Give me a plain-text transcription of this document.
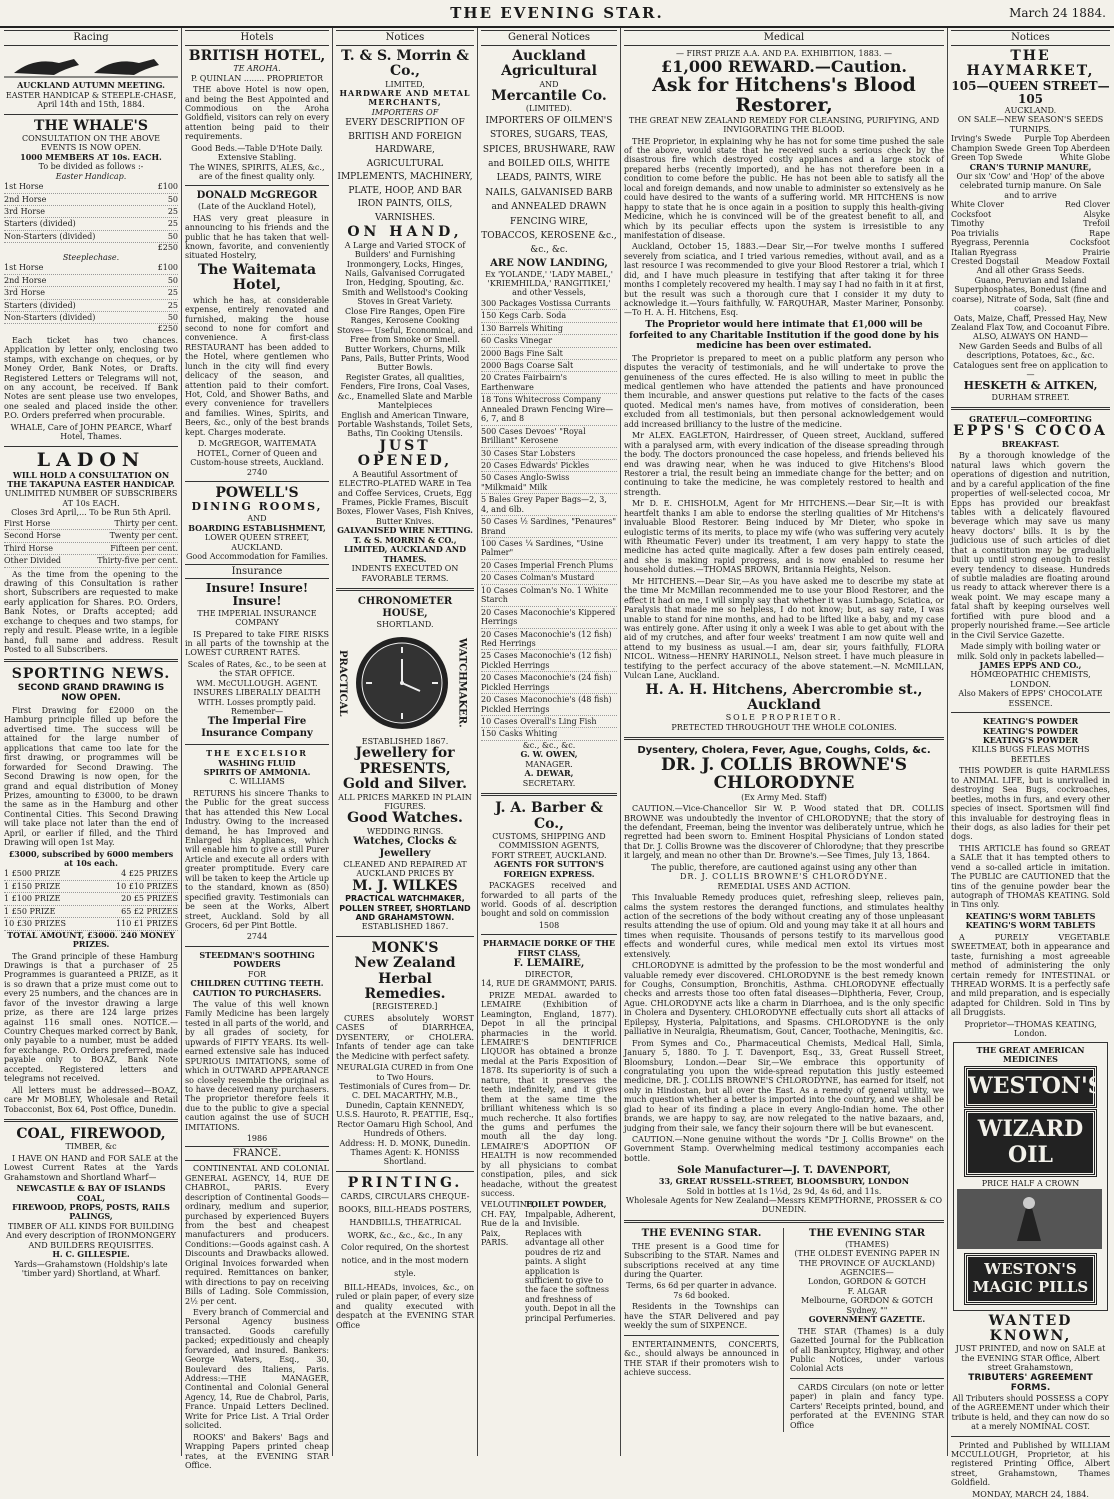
THE EVENING STAR.	March 24 1884.
Racing
AUCKLAND AUTUMN MEETING.
EASTER HANDICAP & STEEPLE-CHASE,
April 14th and 15th, 1884.
THE WHALE'S
CONSULTATION ON THE ABOVE EVENTS IS NOW OPEN.
1000 MEMBERS AT 10s. EACH.
To be divided as follows :-
Easter Handicap.
1st Horse	£100
2nd Horse	50
3rd Horse	25
Starters (divided)	25
Non-Starters (divided)	50
£250
Steeplechase.
1st Horse	£100
2nd Horse	50
3rd Horse	25
Starters (divided)	25
Non-Starters (divided)	50
£250
Each ticket has two chances. Application by letter only, enclosing two stamps, with exchange on cheques, or by Money Order, Bank Notes, or Drafts. Registered Letters or Telegrams will not, on any account, be received. If Bank Notes are sent please use two envelopes, one sealed and placed inside the other. P.O. Orders preferred when procurable.
WHALE, Care of JOHN PEARCE, Wharf Hotel, Thames.
LADON
WILL HOLD A CONSULTATION ON THE TAKAPUNA EASTER HANDICAP.
UNLIMITED NUMBER OF SUBSCRIBERS AT 10s EACH.
Closes 3rd April,... To be Run 5th April.
First Horse	Thirty per cent.
Second Horse	Twenty per cent.
Third Horse	Fifteen per cent.
Other Divided	Thirty-five per cent.
As the time from the opening to the drawing of this Consultation is rather short, Subscribers are requested to make early application for Shares. P.O. Orders, Bank Notes, or Drafts accepted; add exchange to cheques and two stamps, for reply and result. Please write, in a legible hand, full name and address. Result Posted to all Subscribers.
SPORTING NEWS.
SECOND GRAND DRAWING IS NOW OPEN.
First Drawing for £2000 on the Hamburg principle filled up before the advertised time. The success will be attained for the large number of applications that came too late for the first drawing, or programmes will be forwarded for Second Drawing. The Second Drawing is now open, for the grand and equal distribution of Money Prizes, amounting to £3000, to be drawn the same as in the Hamburg and other Continental Cities. This Second Drawing will take place not later than the end of April, or earlier if filled, and the Third Drawing will open 1st May.
£3000, subscribed by 6000 members at 10s each.
1 £500 PRIZE	4 £25 PRIZES
1 £150 PRIZE	10 £10 PRIZES
1 £100 PRIZE	20 £5 PRIZES
1 £50 PRIZE	65 £2 PRIZES
10 £30 PRIZES	110 £1 PRIZES
TOTAL AMOUNT, £3000. 240 MONEY PRIZES.
The Grand principle of these Hamburg Drawings is that a purchaser of 25 Programmes is guaranteed a PRIZE, as it is so drawn that a prize must come out to every 25 numbers, and the chances are in favor of the investor drawing a large prize, as there are 124 large prizes against 116 small ones. NOTICE.—Country Cheques marked correct by Bank, only payable to a number, must be added for exchange. P.O. Orders preferred, made payable only to BOAZ, Bank Note accepted. Registered letters and telegrams not received.
All letters must be addressed—BOAZ, care Mr MOBLEY, Wholesale and Retail Tobacconist, Box 64, Post Office, Dunedin.
COAL, FIREWOOD,
TIMBER, &c
I HAVE ON HAND and FOR SALE at the Lowest Current Rates at the Yards Grahamstown and Shortland Wharf—
NEWCASTLE & BAY OF ISLANDS COAL,
FIREWOOD, PROPS, POSTS, RAILS PALINGS,
TIMBER OF ALL KINDS FOR BUILDING And every description of IRONMONGERY AND BUILDERS REQUISITES.
H. C. GILLESPIE.
Yards—Grahamstown (Holdship's late 'timber yard) Shortland, at Wharf.
Hotels
BRITISH HOTEL,
TE AROHA.
P. QUINLAN ........ PROPRIETOR
THE above Hotel is now open, and being the Best Appointed and Commodious on the Aroha Goldfield, visitors can rely on every attention being paid to their requirements.
Good Beds.—Table D'Hote Daily.
Extensive Stabling.
The WINES, SPIRITS, ALES, &c., are of the finest quality only.
DONALD McGREGOR
(Late of the Auckland Hotel),
HAS very great pleasure in announcing to his friends and the public that he has taken that well-known, favorite, and conveniently situated Hostelry,
The Waitemata Hotel,
which he has, at considerable expense, entirely renovated and furnished, making the house second to none for comfort and convenience. A first-class RESTAURANT has been added to the Hotel, where gentlemen who lunch in the city will find every delicacy of the season, and attention paid to their comfort. Hot, Cold, and Shower Baths, and every convenience for travellers and families. Wines, Spirits, and Beers, &c., only of the best brands kept. Charges moderate.
D. McGREGOR, WAITEMATA HOTEL, Corner of Queen and Custom-house streets, Auckland.
2740
POWELL'S
DINING ROOMS,
AND
BOARDING ESTABLISHMENT,
LOWER QUEEN STREET, AUCKLAND.
Good Accommodation for Families.
Insurance
Insure! Insure! Insure!
THE IMPERIAL INSURANCE COMPANY
IS Prepared to take FIRE RISKS in all parts of the township at the LOWEST CURRENT RATES.
Scales of Rates, &c., to be seen at the STAR OFFICE.
WM. McCULLOUGH. AGENT.
INSURES LIBERALLY DEALTH WITH. Losses promptly paid.
Remember—
The Imperial Fire Insurance Company
THE EXCELSIOR
WASHING FLUID
SPIRITS OF AMMONIA.
C. WILLIAMS
RETURNS his sincere Thanks to the Public for the great success that has attended this New Local Industry. Owing to the increased demand, he has Improved and Enlarged his Appliances, which will enable him to give a still Purer Article and execute all orders with greater promptitude. Every care will be taken to keep the Article up to the standard, known as (850) specified gravity. Testimonials can be seen at the Works, Albert street, Auckland. Sold by all Grocers, 6d per Pint Bottle.
2744
STEEDMAN'S SOOTHING POWDERS
FOR
CHILDREN CUTTING TEETH.
CAUTION TO PURCHASERS.
The value of this well known Family Medicine has been largely tested in all parts of the world, and by all grades of society, for upwards of FIFTY YEARS. Its well-earned extensive sale has induced SPURIOUS IMITATIONS, some of which in OUTWARD APPEARANCE so closely resemble the original as to have deceived many purchasers. The proprietor therefore feels it due to the public to give a special caution against the use of SUCH IMITATIONS.
1986
FRANCE.
CONTINENTAL AND COLONIAL GENERAL AGENCY, 14, RUE DE CHABROL, PARIS. Every description of Continental Goods—ordinary, medium and superior, purchased by experienced Buyers from the best and cheapest manufacturers and producers. Conditions:—Goods against cash. A Discounts and Drawbacks allowed. Original Invoices forwarded when required. Remittances on banker, with directions to pay on receiving Bills of Lading. Sole Commission, 2½ per cent.
Every branch of Commercial and Personal Agency business transacted. Goods carefully packed; expeditiously and cheaply forwarded, and insured. Bankers: George Waters, Esq., 30, Boulevard des Italiens, Paris. Address:—THE MANAGER, Continental and Colonial General Agency, 14, Rue de Chabrol, Paris, France. Unpaid Letters Declined. Write for Price List. A Trial Order solicited.
ROOKS' and Bakers' Bags and Wrapping Papers printed cheap rates, at the EVENING STAR Office.
Notices
T. & S. Morrin & Co.,
LIMITED,
HARDWARE AND METAL MERCHANTS,
IMPORTERS OF
EVERY DESCRIPTION OF BRITISH AND FOREIGN HARDWARE, AGRICULTURAL IMPLEMENTS, MACHINERY, PLATE, HOOP, AND BAR IRON PAINTS, OILS, VARNISHES.
ON HAND,
A Large and Varied STOCK of Builders' and Furnishing Ironmongery, Locks, Hinges, Nails, Galvanised Corrugated Iron, Hedging, Spouting, &c.
Smith and Wellstood's Cooking Stoves in Great Variety.
Close Fire Ranges, Open Fire Ranges, Kerosene Cooking Stoves— Useful, Economical, and Free from Smoke or Smell.
Butter Workers, Churns, Milk Pans, Pails, Butter Prints, Wood Butter Bowls.
Register Grates, all qualities, Fenders, Fire Irons, Coal Vases, &c., Enamelled Slate and Marble Mantelpieces
English and American Tinware, Portable Washstands, Toilet Sets, Baths, Tin Cooking Utensils.
JUST OPENED,
A Beautiful Assortment of ELECTRO-PLATED WARE in Tea and Coffee Services, Cruets, Egg Frames, Pickle Frames, Biscuit Boxes, Flower Vases, Fish Knives, Butter Knives.
GALVANISED WIRE NETTING.
T. & S. MORRIN & CO., LIMITED, AUCKLAND AND THAMES.
INDENTS EXECUTED ON FAVORABLE TERMS.
CHRONOMETER HOUSE,
SHORTLAND.
PRACTICAL	WATCHMAKER.
ESTABLISHED 1867.
Jewellery for PRESENTS,
Gold and Silver.
ALL PRICES MARKED IN PLAIN FIGURES.
Good Watches.
WEDDING RINGS.
Watches, Clocks & Jewellery
CLEANED AND REPAIRED AT AUCKLAND PRICES BY
M. J. WILKES
PRACTICAL WATCHMAKER, POLLEN STREET, SHORTLAND AND GRAHAMSTOWN.
ESTABLISHED 1867.
MONK'S
New Zealand Herbal Remedies.
[REGISTERED.]
CURES absolutely WORST CASES of DIARRHŒA, DYSENTERY, or CHOLERA. Infants of tender age can take the Medicine with perfect safety.
NEURALGIA CURED in from One to Two Hours.
Testimonials of Cures from— Dr. C. DEL MACARTHY, M.B., Dunedin, Captain KENNEDY, U.S.S. Hauroto, R. PEATTIE, Esq., Rector Oamaru High School, And Hundreds of Others.
Address: H. D. MONK, Dunedin.
Thames Agent: K. HONISS Shortland.
PRINTING.
CARDS, CIRCULARS CHEQUE-BOOKS, BILL-HEADS POSTERS, HANDBILLS, THEATRICAL WORK, &c., &c., &c., In any Color required, On the shortest notice, and in the most modern style.
BILL-HEADs, invoices, &c., on ruled or plain paper, of every size and quality executed with despatch at the EVENING STAR Office
General Notices
Auckland Agricultural
AND
Mercantile Co.
(LIMITED).
IMPORTERS OF OILMEN'S STORES, SUGARS, TEAS, SPICES, BRUSHWARE, RAW and BOILED OILS, WHITE LEADS, PAINTS, WIRE NAILS, GALVANISED BARB and ANNEALED DRAWN FENCING WIRE, TOBACCOS, KEROSENE &c., &c., &c.
ARE NOW LANDING,
Ex 'YOLANDE,' 'LADY MABEL,' 'KRIEMHILDA,' RANGITIKEI,' and other Vessels,
300 Packages Vostissa Currants
150 Kegs Carb. Soda
130 Barrels Whiting
60 Casks Vinegar
2000 Bags Fine Salt
2000 Bags Coarse Salt
20 Crates Fairbairn's Earthenware
18 Tons Whitecross Company Annealed Drawn Fencing Wire—6, 7, and 8
500 Cases Devoes' "Royal Brilliant" Kerosene
30 Cases Star Lobsters
20 Cases Edwards' Pickles
50 Cases Anglo-Swiss "Milkmaid" Milk
5 Bales Grey Paper Bags—2, 3, 4, and 6lb.
50 Cases ½ Sardines, "Penaures" Brand
100 Cases ¼ Sardines, "Usine Palmer"
20 Cases Imperial French Plums
20 Cases Colman's Mustard
10 Cases Colman's No. 1 White Starch
20 Cases Maconochie's Kippered Herrings
20 Cases Maconochie's (12 fish) Red Herrings
25 Cases Maconochie's (12 fish) Pickled Herrings
20 Cases Maconochie's (24 fish) Pickled Herrings
20 Cases Maconochie's (48 fish) Pickled Herrings
10 Cases Overall's Ling Fish
150 Casks Whiting
&c., &c., &c.
G. W. OWEN,
MANAGER.
A. DEWAR,
SECRETARY.
J. A. Barber & Co.,
CUSTOMS, SHIPPING AND COMMISSION AGENTS,
FORT STREET, AUCKLAND.
AGENTS FOR SUTTON'S FOREIGN EXPRESS.
PACKAGES received and forwarded to all parts of the world. Goods of al. description bought and sold on commission
1508
PHARMACIE DORKE OF THE FIRST CLASS,
F. LEMAIRE,
DIRECTOR,
14, RUE DE GRAMMONT, PARIS.
PRIZE MEDAL awarded to LEMAIRE (Exhibition of Leamington, England, 1877). Depot in all the principal pharmacies in the world. LEMAIRE'S DENTIFRICE LIQUOR has obtained a bronze medal at the Paris Exposition of 1878. Its superiority is of such a nature, that it preserves the teeth indefinitely, and it gives them at the same time the brilliant whiteness which is so much recherche. It also fortifies the gums and perfumes the mouth all the day long. LEMAIRE'S ADOPTION OF HEALTH is now recommended by all physicians to combat constipation, piles, and sick headache, without the greatest success.
VELOUTINE,
CH. FAY,
Rue de la Paix,
PARIS.
TOILET POWDER,
Impalpable, Adherent, and Invisible. Replaces with advantage all other poudres de riz and paints. A slight application is sufficient to give to the face the softness and freshness of youth. Depot in all the principal Perfumeries.
Medical
— FIRST PRIZE A.A. AND P.A. EXHIBITION, 1883. —
£1,000 REWARD.—Caution.
Ask for Hitchens's Blood Restorer,
THE GREAT NEW ZEALAND REMEDY FOR CLEANSING, PURIFYING, AND INVIGORATING THE BLOOD.
THE Proprietor, in explaining why he has not for some time pushed the sale of the above, would state that he received such a serious check by the disastrous fire which destroyed costly appliances and a large stock of prepared herbs (recently imported), and he has not therefore been in a condition to come before the public. He has not been able to satisfy all the local and foreign demands, and now unable to administer so extensively as he could have desired to the wants of a suffering world. MR HITCHENS is now happy to state that he is once again in a position to supply this health-giving Medicine, which he is convinced will be of the greatest benefit to all, and which by its peculiar effects upon the system is irresistible to any manifestation of disease.
Auckland, October 15, 1883.—Dear Sir,—For twelve months I suffered severely from sciatica, and I tried various remedies, without avail, and as a last resource I was recommended to give your Blood Restorer a trial, which I did, and I have much pleasure in testifying that after taking it for three months I completely recovered my health. I may say I had no faith in it at first, but the result was such a thorough cure that I consider it my duty to acknowledge it.—Yours faithfully, W. FARQUHAR, Master Mariner, Ponsonby.—To H. A. H. Hitchens, Esq.
The Proprietor would here intimate that £1,000 will be forfeited to any Charitable Institution if the good done by his medicine has been over estimated.
The Proprietor is prepared to meet on a public platform any person who disputes the veracity of testimonials, and he will undertake to prove the genuineness of the cures effected. He is also willing to meet in public the medical gentlemen who have attended the patients and have pronounced them incurable, and answer questions put relative to the facts of the cases quoted. Medical men's names have, from motives of consideration, been excluded from all testimonials, but then personal acknowledgement would add increased brilliancy to the lustre of the medicine.
Mr ALEX. EAGLETON, Hairdresser, of Queen street, Auckland, suffered with a paralysed arm, with every indication of the disease spreading through the body. The doctors pronounced the case hopeless, and friends believed his end was drawing near, when he was induced to give Hitchens's Blood Restorer a trial, the result being an immediate change for the better; and on continuing to take the medicine, he was completely restored to health and strength.
Mr D. E. CHISHOLM, Agent for Mr HITCHENS.—Dear Sir,—It is with heartfelt thanks I am able to endorse the sterling qualities of Mr Hitchens's invaluable Blood Restorer. Being induced by Mr Dieter, who spoke in eulogistic terms of its merits, to place my wife (who was suffering very acutely with Rheumatic Fever) under its treatment, I am very happy to state the medicine has acted quite magically. After a few doses pain entirely ceased, and she is making rapid progress, and is now enabled to resume her household duties.—THOMAS BROWN, Britannia Heights, Nelson.
Mr HITCHENS.—Dear Sir,—As you have asked me to describe my state at the time Mr McMillan recommended me to use your Blood Restorer, and the effect it had on me, I will simply say that whether it was Lumbago, Sciatica, or Paralysis that made me so helpless, I do not know; but, as say rate, I was unable to stand for nine months, and had to be lifted like a baby, and my case was entirely gone. After using it only a week I was able to get about with the aid of my crutches, and after four weeks' treatment I am now quite well and attend to my business as usual.—I am, dear sir, yours faithfully, FLORA NICOL. Witness—HENRY HARINOLL, Nelson street. I have much pleasure in testifying to the perfect accuracy of the above statement.—N. McMILLAN, Vulcan Lane, Auckland.
H. A. H. Hitchens, Abercrombie st., Auckland
SOLE PROPRIETOR.
PRETECTED THROUGHOUT THE WHOLE COLONIES.
Dysentery, Cholera, Fever, Ague, Coughs, Colds, &c.
DR. J. COLLIS BROWNE'S CHLORODYNE
(Ex Army Med. Staff)
CAUTION.—Vice-Chancellor Sir W. P. Wood stated that DR. COLLIS BROWNE was undoubtedly the inventor of CHLORODYNE; that the story of the defendant, Freeman, being the inventor was deliberately untrue, which he regretted had been sworn to. Eminent Hospital Physicians of London stated that Dr. J. Collis Browne was the discoverer of Chlorodyne; that they prescribe it largely, and mean no other than Dr. Browne's.—See Times, July 13, 1864.
The public, therefore, are cautioned against using any other than
DR. J. COLLIS BROWNE'S CHLORODYNE.
REMEDIAL USES AND ACTION.
This Invaluable Remedy produces quiet, refreshing sleep, relieves pain, calms the system restores the deranged functions, and stimulates healthy action of the secretions of the body without creating any of those unpleasant results attending the use of opium. Old and young may take it at all hours and times when requisite. Thousands of persons testify to its marvellous good effects and wonderful cures, while medical men extol its virtues most extensively.
CHLORODYNE is admitted by the profession to be the most wonderful and valuable remedy ever discovered. CHLORODYNE is the best remedy known for Coughs, Consumption, Bronchitis, Asthma. CHLORODYNE effectually checks and arrests those too often fatal diseases—Diphtheria, Fever, Croup, Ague. CHLORODYNE acts like a charm in Diarrhoea, and is the only specific in Cholera and Dysentery. CHLORODYNE effectually cuts short all attacks of Epilepsy, Hysteria, Palpitations, and Spasms. CHLORODYNE is the only palliative in Neuralgia, Rheumatism, Gout, Cancer, Toothache, Meningitis, &c.
From Symes and Co., Pharmaceutical Chemists, Medical Hall, Simla, January 5, 1880. To J. T. Davenport, Esq., 33, Great Russell Street, Bloomsbury, London.—Dear Sir,—We embrace this opportunity of congratulating you upon the wide-spread reputation this justly esteemed medicine, DR. J. COLLIS BROWNE'S CHLORODYNE, has earned for itself, not only in Hindostan, but all over the East. As a remedy of general utility, we much question whether a better is imported into the country, and we shall be glad to hear of its finding a place in every Anglo-Indian home. The other brands, we are happy to say, are now relegated to the native bazaars, and, judging from their sale, we fancy their sojourn there will be but evanescent.
CAUTION.—None genuine without the words "Dr J. Collis Browne" on the Government Stamp. Overwhelming medical testimony accompanies each bottle.
Sole Manufacturer—J. T. DAVENPORT,
33, GREAT RUSSELL-STREET, BLOOMSBURY, LONDON
Sold in bottles at 1s 1½d, 2s 9d, 4s 6d, and 11s.
Wholesale Agents for New Zealand—Messrs KEMPTHORNE, PROSSER & CO DUNEDIN.
THE EVENING STAR.
THE present is a Good time for Subscribing to the STAR. Names and subscriptions received at any time during the Quarter.
Terms, 6s 6d per quarter in advance. 7s 6d booked.
Residents in the Townships can have the STAR Delivered and pay weekly the sum of SIXPENCE.
ENTERTAINMENTS, CONCERTS, &c., should always be announced in THE STAR if their promoters wish to achieve success.
THE EVENING STAR
(THAMES)
(THE OLDEST EVENING PAPER IN THE PROVINCE OF AUCKLAND)
AGENCIES—
London, GORDON & GOTCH
F. ALGAR
Melbourne, GORDON & GOTCH
Sydney, ""
GOVERNMENT GAZETTE.
THE STAR (Thames) is a duly Gazetted Journal for the Publication of all Bankruptcy, Highway, and other Public Notices, under various Colonial Acts
CARDS Circulars (on note or letter paper) in plain and fancy type. Carters' Receipts printed, bound, and perforated at the EVENING STAR Office
Notices
THE HAYMARKET,
105—QUEEN STREET—105
AUCKLAND.
ON SALE—NEW SEASON'S SEEDS
TURNIPS.
Irving's Swede Purple Top Aberdeen
Champion Swede Green Top Aberdeen
Green Top Swede	White Globe
CRAN'S TURNIP MANURE,
Our six 'Cow' and 'Hop' of the above celebrated turnip manure. On Sale and to arrive
White Clover	Red Clover
Cocksfoot	Alsyke
Timothy	Trefoil
Poa trivialis	Rape
Ryegrass, Perennia	Cocksfoot
Italian Ryegrass	Prairie
Crested Dogstail	Meadow Foxtail
And all other Grass Seeds.
Guano, Peruvian and Island Superphosphates, Bonedust (fine and coarse), Nitrate of Soda, Salt (fine and coarse).
Oats, Maize, Chaff, Pressed Hay, New Zealand Flax Tow, and Cocoanut Fibre.
ALSO, ALWAYS ON HAND—
New Garden Seeds and Bulbs of all descriptions, Potatoes, &c., &c.
Catalogues sent free on application to—
HESKETH & AITKEN,
DURHAM STREET.
GRATEFUL—COMFORTING
EPPS'S COCOA
BREAKFAST.
By a thorough knowledge of the natural laws which govern the operations of digestion and nutrition, and by a careful application of the fine properties of well-selected cocoa, Mr Epps has provided our breakfast tables with a delicately flavoured beverage which may save us many heavy doctors' bills. It is by the judicious use of such articles of diet that a constitution may be gradually built up until strong enough to resist every tendency to disease. Hundreds of subtle maladies are floating around us ready to attack wherever there is a weak point. We may escape many a fatal shaft by keeping ourselves well fortified with pure blood and a properly nourished frame.—See article in the Civil Service Gazette.
Made simply with boiling water or milk. Sold only in packets labelled—
JAMES EPPS AND CO.,
HOMŒOPATHIC CHEMISTS, LONDON.
Also Makers of EPPS' CHOCOLATE ESSENCE.
KEATING'S POWDER
KEATING'S POWDER
KEATING'S POWDER
KILLS BUGS FLEAS MOTHS BEETLES
THIS POWDER is quite HARMLESS to ANIMAL LIFE, but is unrivalled in destroying Sea Bugs, cockroaches, beetles, moths in furs, and every other species of insect. Sportsmen will find this invaluable for destroying fleas in their dogs, as also ladies for their pet dogs.
THIS ARTICLE has found so GREAT a SALE that it has tempted others to vend a so-called article in imitation. The PUBLIC are CAUTIONED that the tins of the genuine powder bear the autograph of THOMAS KEATING. Sold in Tins only.
KEATING'S WORM TABLETS
KEATING'S WORM TABLETS
A PURELY VEGETABLE SWEETMEAT, both in appearance and taste, furnishing a most agreeable method of administering the only certain remedy for INTESTINAL or THREAD WORMS. It is a perfectly safe and mild preparation, and is especially adapted for Children. Sold in Tins by all Druggists.
Proprietor—THOMAS KEATING, London.
THE GREAT AMERICAN MEDICINES
WESTON'S
WIZARD OIL
PRICE HALF A CROWN
WESTON'S MAGIC PILLS
WANTED KNOWN,
JUST PRINTED, and now on SALE at the EVENING STAR Office, Albert street Grahamstown,
TRIBUTERS' AGREEMENT FORMS.
All Tributers should POSSESS a COPY of the AGREEMENT under which their tribute is held, and they can now do so at a merely NOMINAL COST.
Printed and Published by WILLIAM MCCULLOUGH, Proprietor, at his registered Printing Office, Albert street, Grahamstown, Thames Goldfield.
MONDAY, MARCH 24, 1884.
